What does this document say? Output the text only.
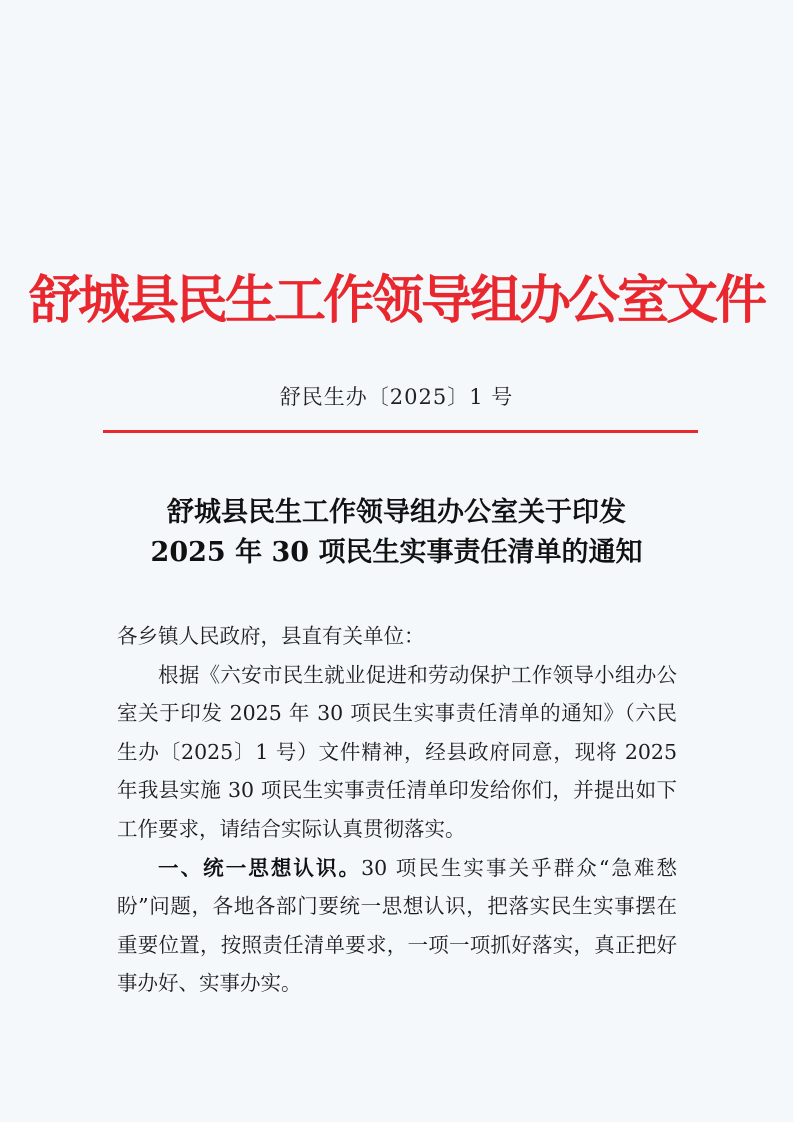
舒城县民生工作领导组办公室文件
舒民生办〔2025〕1 号
舒城县民生工作领导组办公室关于印发
2025 年 30 项民生实事责任清单的通知

各乡镇人民政府，县直有关单位：

根据《六安市民生就业促进和劳动保护工作领导小组办公室关于印发 2025 年 30 项民生实事责任清单的通知》（六民生办〔2025〕1 号）文件精神，经县政府同意，现将 2025 年我县实施 30 项民生实事责任清单印发给你们，并提出如下工作要求，请结合实际认真贯彻落实。

一、统一思想认识。30 项民生实事关乎群众“急难愁盼”问题，各地各部门要统一思想认识，把落实民生实事摆在重要位置，按照责任清单要求，一项一项抓好落实，真正把好事办好、实事办实。
